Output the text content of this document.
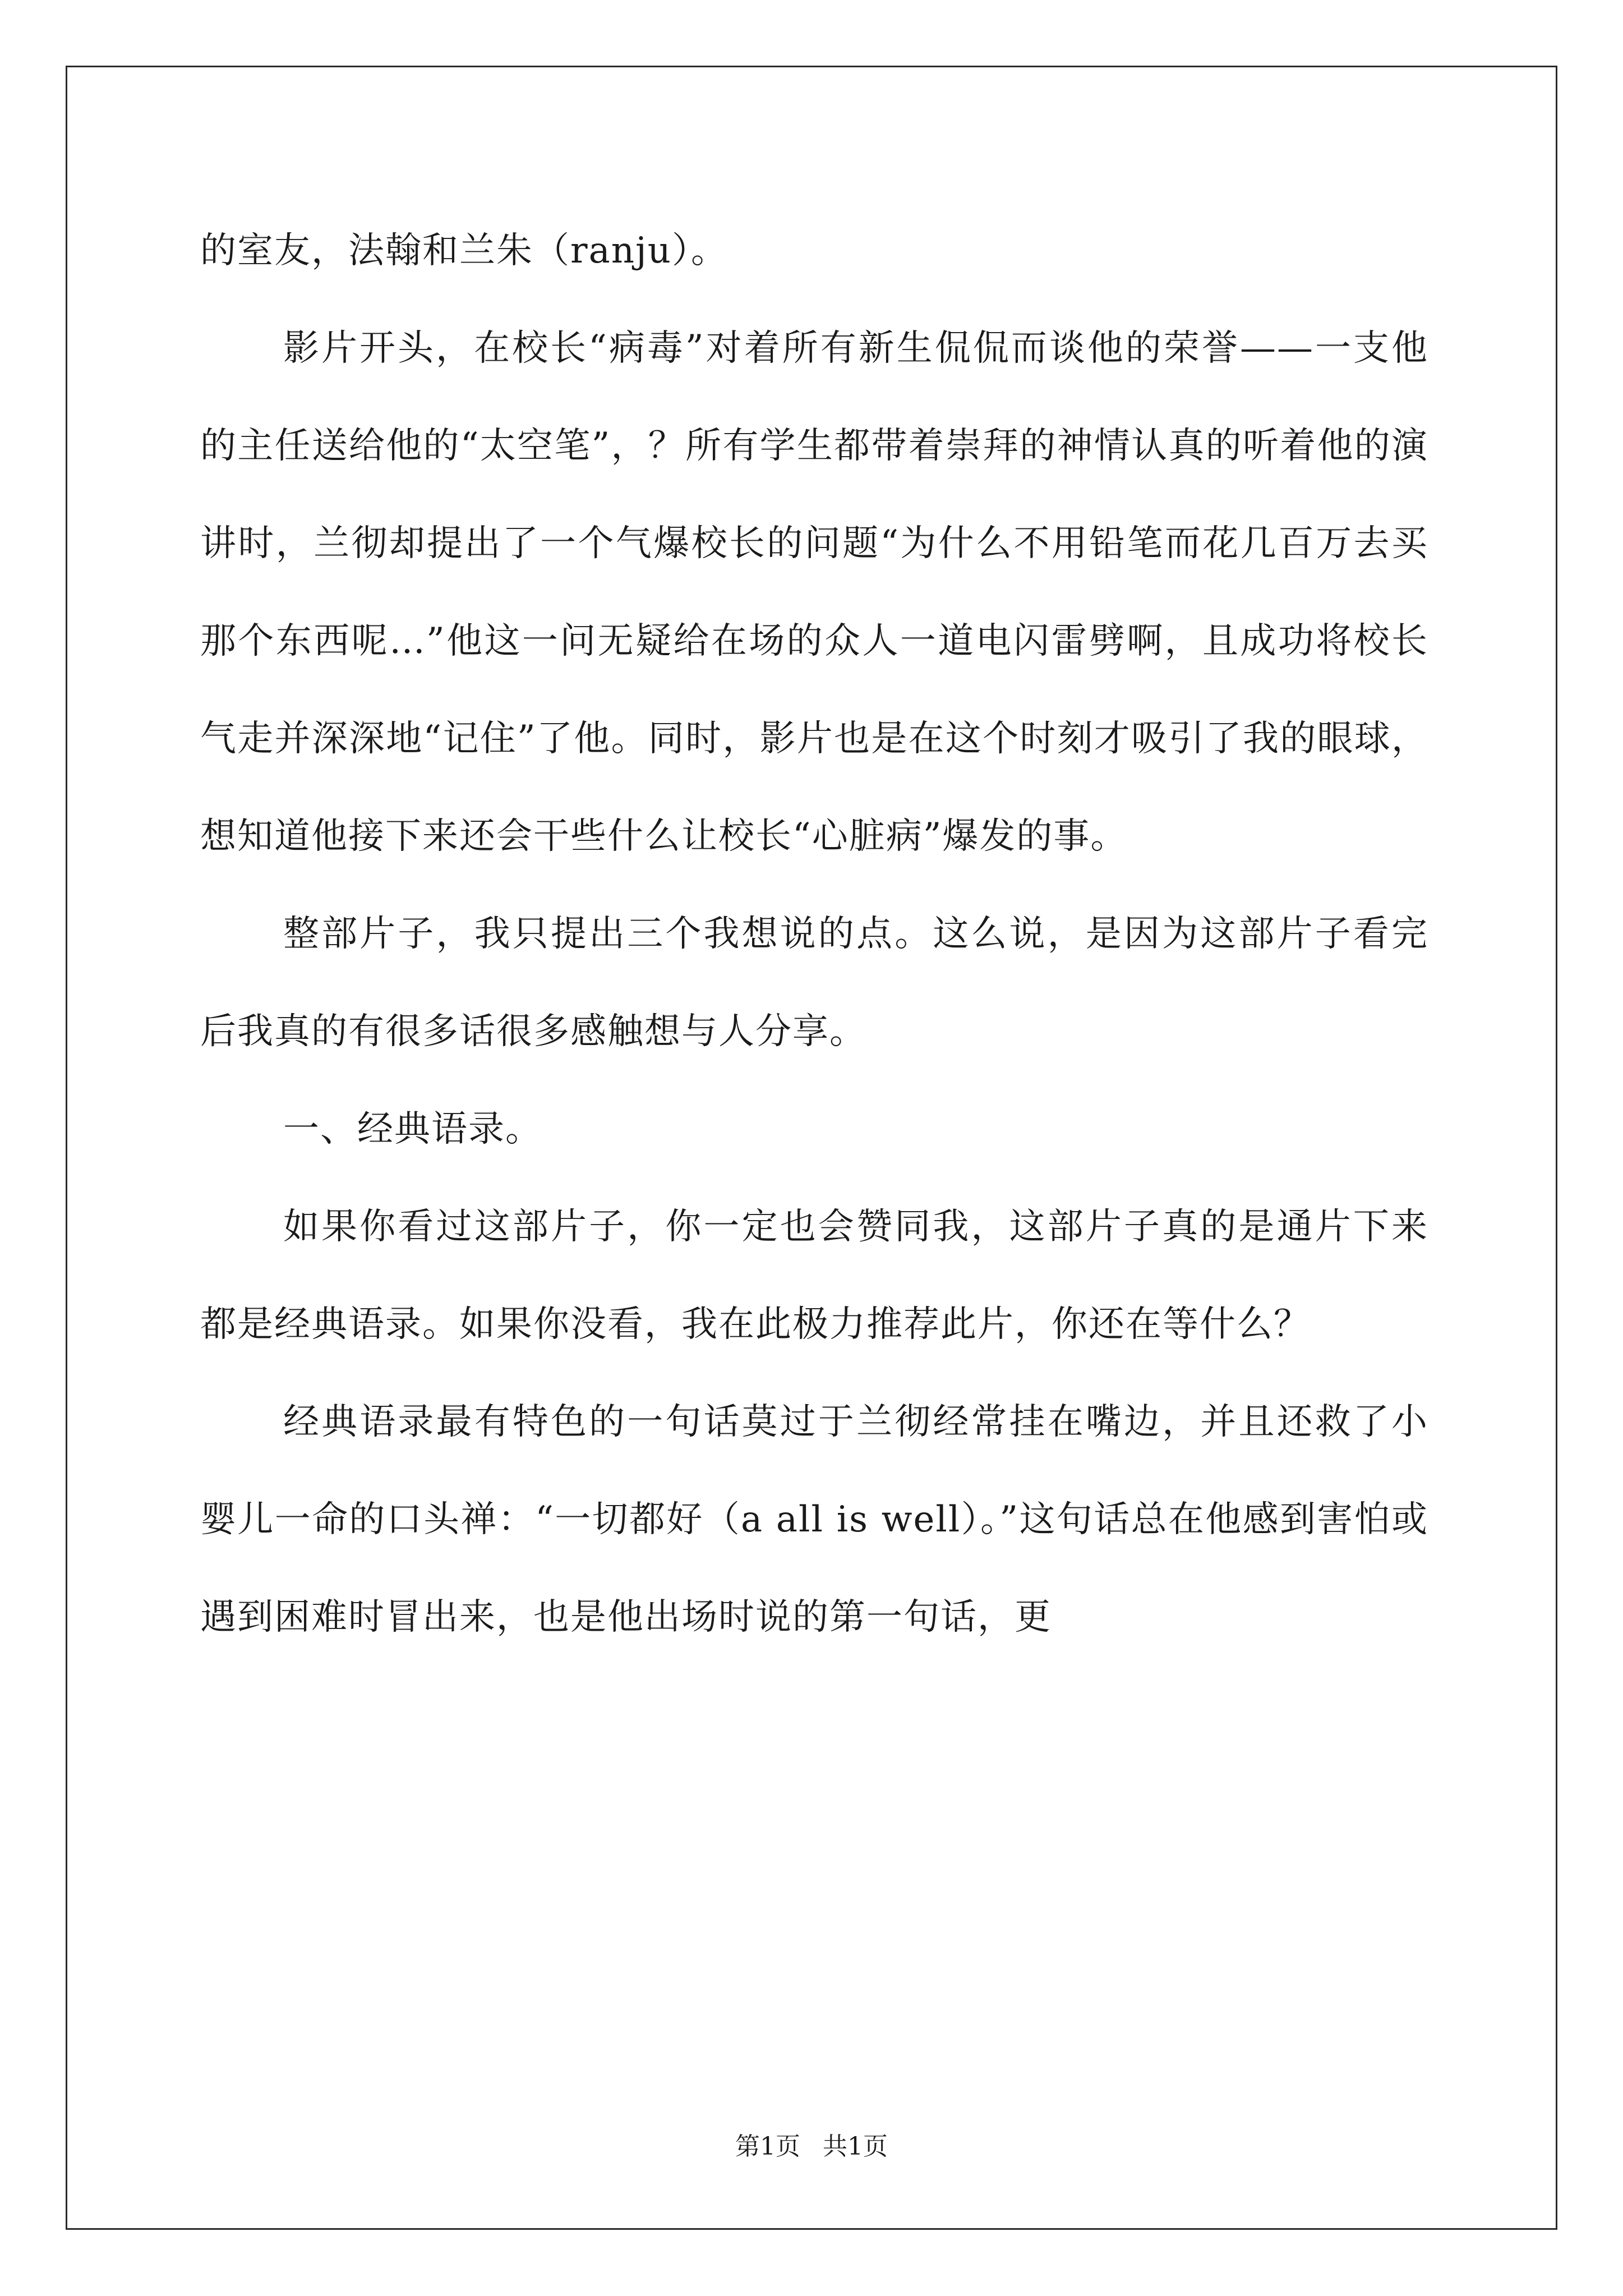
的室友，法翰和兰朱（ranju）。

影片开头，在校长“病毒”对着所有新生侃侃而谈他的荣誉——一支他的主任送给他的“太空笔”，？所有学生都带着崇拜的神情认真的听着他的演讲时，兰彻却提出了一个气爆校长的问题“为什么不用铅笔而花几百万去买那个东西呢…”他这一问无疑给在场的众人一道电闪雷劈啊，且成功将校长气走并深深地“记住”了他。同时，影片也是在这个时刻才吸引了我的眼球，想知道他接下来还会干些什么让校长“心脏病”爆发的事。

整部片子，我只提出三个我想说的点。这么说，是因为这部片子看完后我真的有很多话很多感触想与人分享。

一、经典语录。

如果你看过这部片子，你一定也会赞同我，这部片子真的是通片下来都是经典语录。如果你没看，我在此极力推荐此片，你还在等什么？

经典语录最有特色的一句话莫过于兰彻经常挂在嘴边，并且还救了小婴儿一命的口头禅：“一切都好（a all is well）。”这句话总在他感到害怕或遇到困难时冒出来，也是他出场时说的第一句话，更

第1页 共1页
